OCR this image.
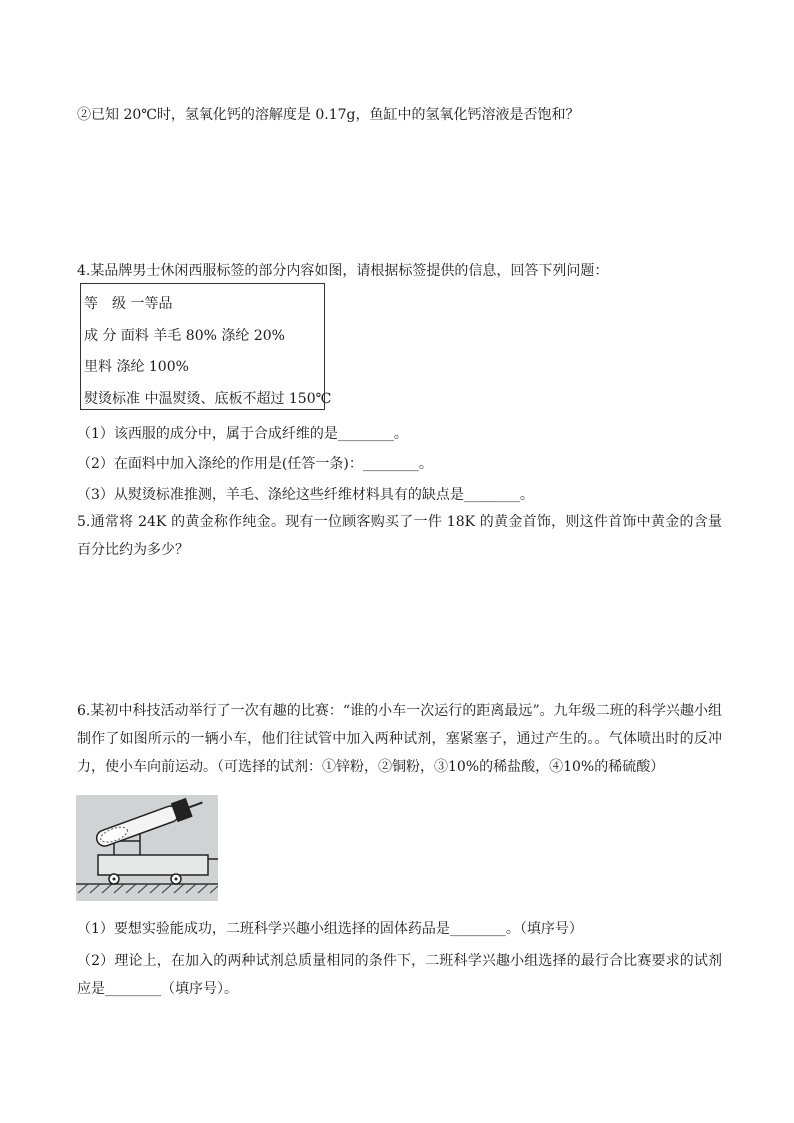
②已知 20℃时，氢氧化钙的溶解度是 0.17g，鱼缸中的氢氧化钙溶液是否饱和？
4.某品牌男士休闲西服标签的部分内容如图，请根据标签提供的信息，回答下列问题：
等　级 一等品
成 分 面料 羊毛 80% 涤纶 20%
里料 涤纶 100%
熨烫标准 中温熨烫、底板不超过 150℃
（1）该西服的成分中，属于合成纤维的是________。
（2）在面料中加入涤纶的作用是(任答一条)：________。
（3）从熨烫标准推测，羊毛、涤纶这些纤维材料具有的缺点是________。
5.通常将 24K 的黄金称作纯金。现有一位顾客购买了一件 18K 的黄金首饰，则这件首饰中黄金的含量百分比约为多少？
6.某初中科技活动举行了一次有趣的比赛：“谁的小车一次运行的距离最远”。九年级二班的科学兴趣小组制作了如图所示的一辆小车，他们往试管中加入两种试剂，塞紧塞子，通过产生的。。气体喷出时的反冲力，使小车向前运动。（可选择的试剂：①锌粉，②铜粉，③10%的稀盐酸，④10%的稀硫酸）
（1）要想实验能成功，二班科学兴趣小组选择的固体药品是________。（填序号）
（2）理论上，在加入的两种试剂总质量相同的条件下，二班科学兴趣小组选择的最行合比赛要求的试剂应是________（填序号）。
